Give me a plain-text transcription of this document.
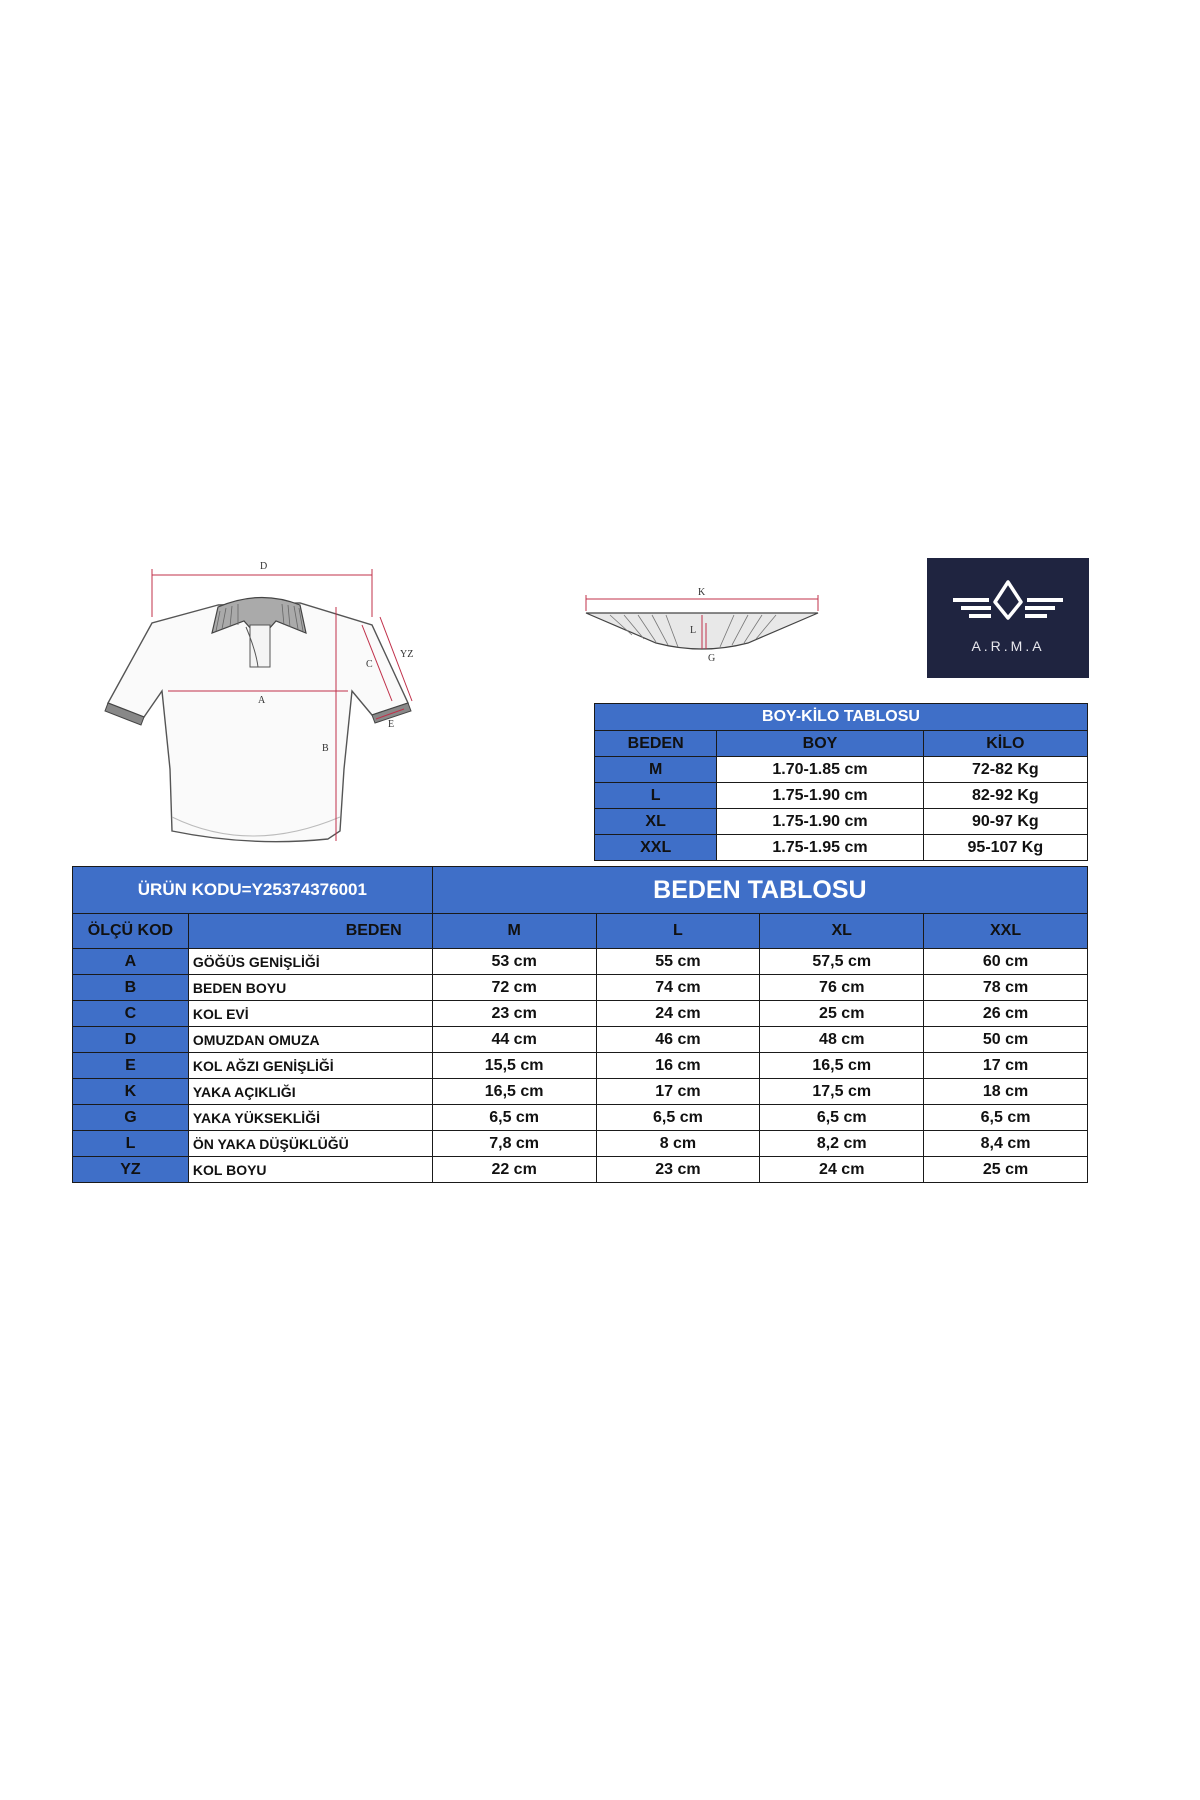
D
A
B
C
YZ
E
K
L
G
A.R.M.A
BOY-KİLO TABLOSU		
BEDEN	BOY	KİLO
M	1.70-1.85 cm	72-82 Kg
L	1.75-1.90 cm	82-92 Kg
XL	1.75-1.90 cm	90-97 Kg
XXL	1.75-1.95 cm	95-107 Kg
ÜRÜN KODU=Y25374376001		BEDEN TABLOSU			
ÖLÇÜ KOD	BEDEN	M	L	XL	XXL
A	GÖĞÜS GENİŞLİĞİ	53 cm	55 cm	57,5 cm	60 cm
B	BEDEN BOYU	72 cm	74 cm	76 cm	78 cm
C	KOL EVİ	23 cm	24 cm	25 cm	26 cm
D	OMUZDAN OMUZA	44 cm	46 cm	48 cm	50 cm
E	KOL AĞZI GENİŞLİĞİ	15,5 cm	16 cm	16,5 cm	17 cm
K	YAKA AÇIKLIĞI	16,5 cm	17 cm	17,5 cm	18 cm
G	YAKA YÜKSEKLİĞİ	6,5 cm	6,5 cm	6,5 cm	6,5 cm
L	ÖN YAKA DÜŞÜKLÜĞÜ	7,8 cm	8 cm	8,2 cm	8,4 cm
YZ	KOL BOYU	22 cm	23 cm	24 cm	25 cm
